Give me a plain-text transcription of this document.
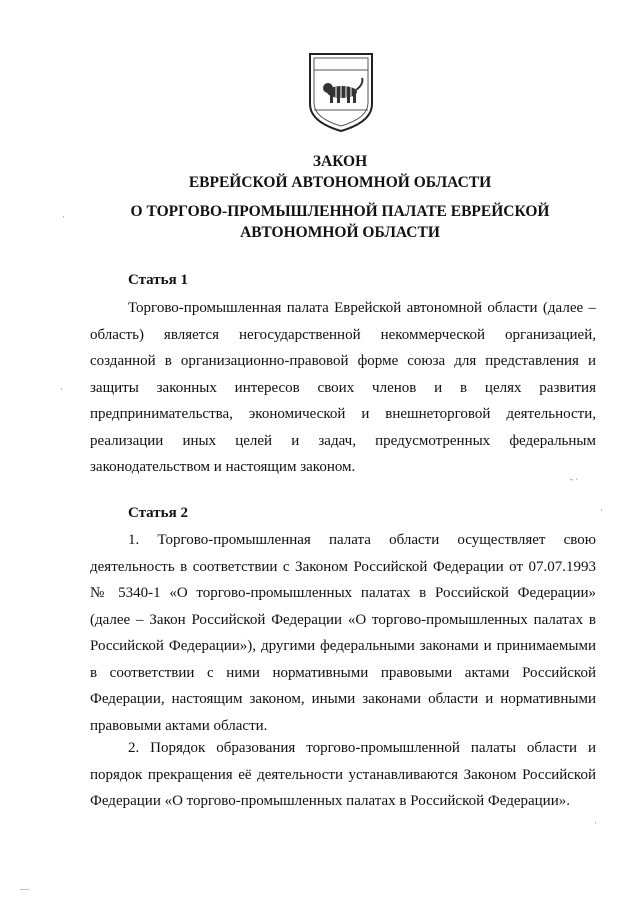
ЗАКОН
ЕВРЕЙСКОЙ АВТОНОМНОЙ ОБЛАСТИ
О ТОРГОВО-ПРОМЫШЛЕННОЙ ПАЛАТЕ ЕВРЕЙСКОЙ
АВТОНОМНОЙ ОБЛАСТИ
Статья 1

Торгово-промышленная палата Еврейской автономной области (далее – область) является негосударственной некоммерческой организацией, созданной в организационно-правовой форме союза для представления и защиты законных интересов своих членов и в целях развития предпринимательства, экономической и внешнеторговой деятельности, реализации иных целей и задач, предусмотренных федеральным законодательством и настоящим законом.

Статья 2

1. Торгово-промышленная палата области осуществляет свою деятельность в соответствии с Законом Российской Федерации от 07.07.1993 № 5340-1 «О торгово-промышленных палатах в Российской Федерации» (далее – Закон Российской Федерации «О торгово-промышленных палатах в Российской Федерации»), другими федеральными законами и принимаемыми в соответствии с ними нормативными правовыми актами Российской Федерации, настоящим законом, иными законами области и нормативными правовыми актами области.

2. Порядок образования торгово-промышленной палаты области и порядок прекращения её деятельности устанавливаются Законом Российской Федерации «О торгово-промышленных палатах в Российской Федерации».

·
·
‐ ·
·
·
—
